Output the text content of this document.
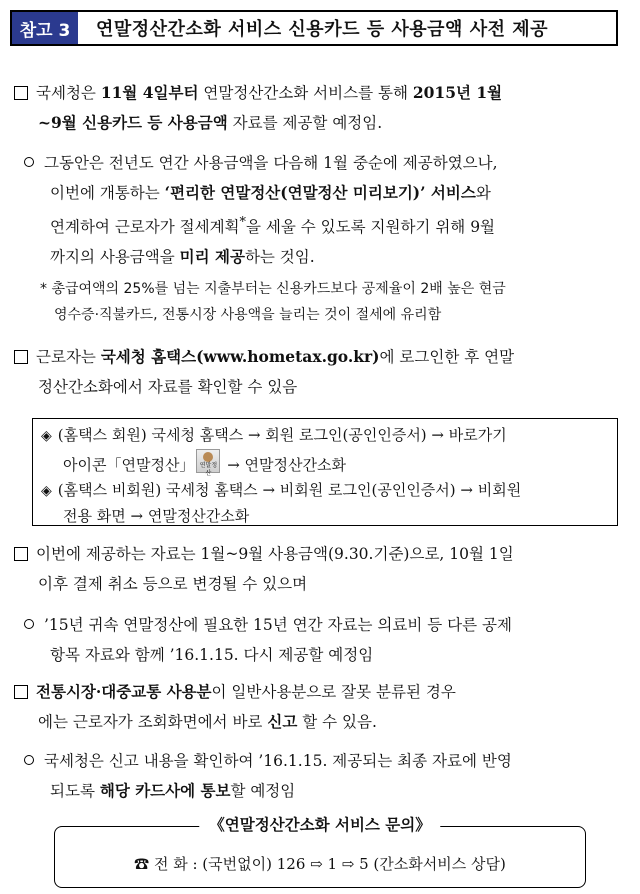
참고 3	연말정산간소화 서비스 신용카드 등 사용금액 사전 제공
국세청은 11월 4일부터 연말정산간소화 서비스를 통해 2015년 1월
~9월 신용카드 등 사용금액 자료를 제공할 예정임.
그동안은 전년도 연간 사용금액을 다음해 1월 중순에 제공하였으나,
이번에 개통하는 ‘편리한 연말정산(연말정산 미리보기)’ 서비스와
연계하여 근로자가 절세계획*을 세울 수 있도록 지원하기 위해 9월
까지의 사용금액을 미리 제공하는 것임.
* 총급여액의 25%를 넘는 지출부터는 신용카드보다 공제율이 2배 높은 현금
영수증·직불카드, 전통시장 사용액을 늘리는 것이 절세에 유리함
근로자는 국세청 홈택스(www.hometax.go.kr)에 로그인한 후 연말
정산간소화에서 자료를 확인할 수 있음
◈ (홈택스 회원) 국세청 홈택스 → 회원 로그인(공인인증서) → 바로가기
아이콘「연말정산」 연말정산 → 연말정산간소화
◈ (홈택스 비회원) 국세청 홈택스 → 비회원 로그인(공인인증서) → 비회원
전용 화면 → 연말정산간소화
이번에 제공하는 자료는 1월~9월 사용금액(9.30.기준)으로, 10월 1일
이후 결제 취소 등으로 변경될 수 있으며
’15년 귀속 연말정산에 필요한 15년 연간 자료는 의료비 등 다른 공제
항목 자료와 함께 ’16.1.15. 다시 제공할 예정임
전통시장·대중교통 사용분이 일반사용분으로 잘못 분류된 경우
에는 근로자가 조회화면에서 바로 신고 할 수 있음.
국세청은 신고 내용을 확인하여 ’16.1.15. 제공되는 최종 자료에 반영
되도록 해당 카드사에 통보할 예정임
《연말정산간소화 서비스 문의》
☎ 전 화 : (국번없이) 126 ⇨ 1 ⇨ 5 (간소화서비스 상담)
